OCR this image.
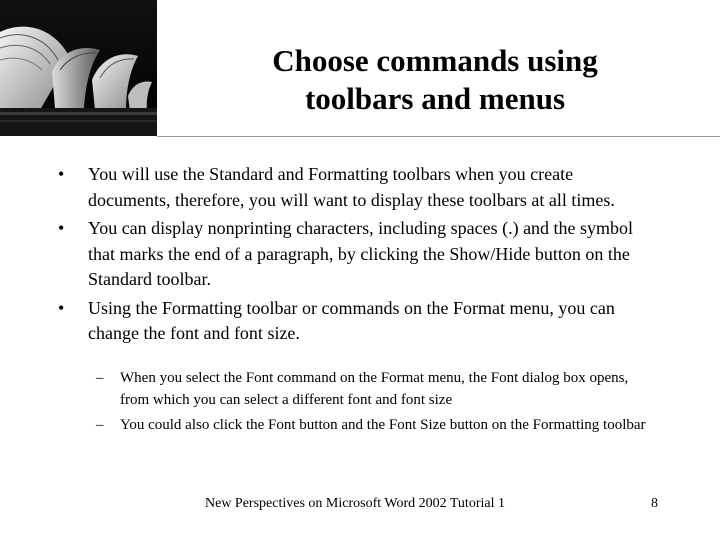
Choose commands using
toolbars and menus
• You will use the Standard and Formatting toolbars when you create documents, therefore, you will want to display these toolbars at all times.
• You can display nonprinting characters, including spaces (.) and the symbol that marks the end of a paragraph, by clicking the Show/Hide button on the Standard toolbar.
• Using the Formatting toolbar or commands on the Format menu, you can change the font and font size.
– When you select the Font command on the Format menu, the Font dialog box opens, from which you can select a different font and font size
– You could also click the Font button and the Font Size button on the Formatting toolbar
New Perspectives on Microsoft Word 2002 Tutorial 1	8
